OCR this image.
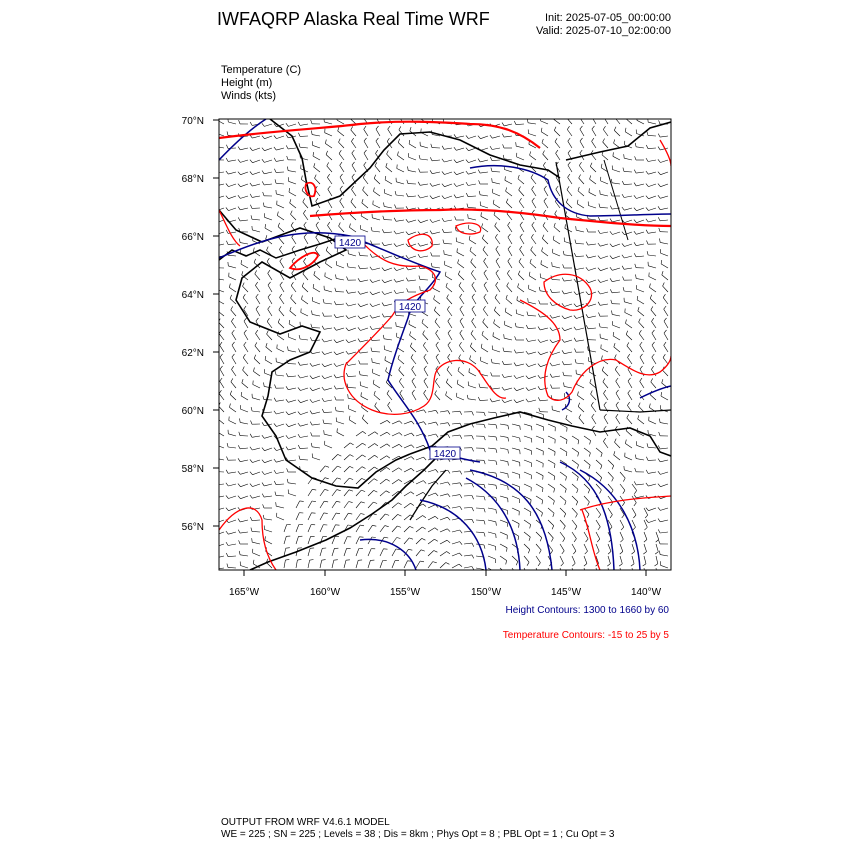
IWFAQRP Alaska Real Time WRF	Init: 2025-07-05_00:00:00
Valid: 2025-07-10_02:00:00
Temperature (C)
Height (m)
Winds (kts)
1420
1420
1420
70°N
68°N
66°N
64°N
62°N
60°N
58°N
56°N
165°W	160°W	155°W	150°W	145°W	140°W
Height Contours: 1300 to 1660 by 60
Temperature Contours: -15 to 25 by 5
OUTPUT FROM WRF V4.6.1 MODEL
WE = 225 ; SN = 225 ; Levels = 38 ; Dis = 8km ; Phys Opt = 8 ; PBL Opt = 1 ; Cu Opt = 3
